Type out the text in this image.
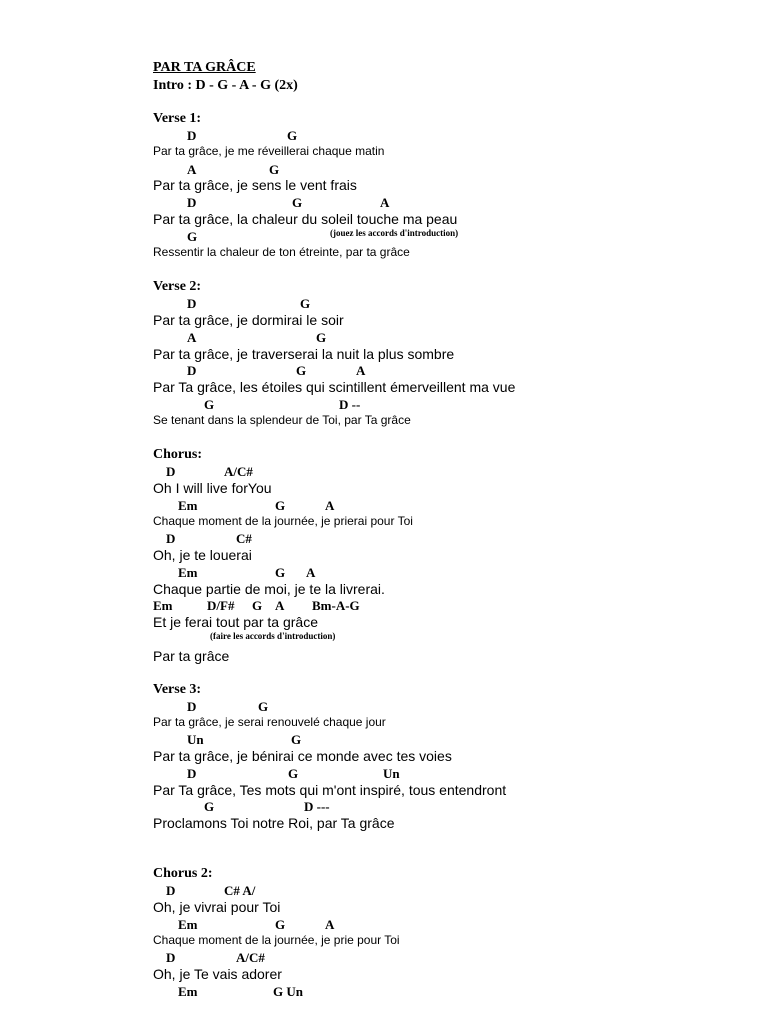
PAR TA GRÂCE
Intro : D - G - A - G (2x)
Verse 1:
D	G
Par ta grâce, je me réveillerai chaque matin
A	G
Par ta grâce, je sens le vent frais
D	G	A
Par ta grâce, la chaleur du soleil touche ma peau
G	(jouez les accords d'introduction)
Ressentir la chaleur de ton étreinte, par ta grâce
Verse 2:
D	G
Par ta grâce, je dormirai le soir
A	G
Par ta grâce, je traverserai la nuit la plus sombre
D	G	A
Par Ta grâce, les étoiles qui scintillent émerveillent ma vue
G	D --
Se tenant dans la splendeur de Toi, par Ta grâce
Chorus:
D	A/C#
Oh I will live forYou
Em	G	A
Chaque moment de la journée, je prierai pour Toi
D	C#
Oh, je te louerai
Em	G A
Chaque partie de moi, je te la livrerai.
Em	D/F# G A Bm-A-G
Et je ferai tout par ta grâce
(faire les accords d'introduction)
Par ta grâce
Verse 3:
D	G
Par ta grâce, je serai renouvelé chaque jour
Un	G
Par ta grâce, je bénirai ce monde avec tes voies
D	G	Un
Par Ta grâce, Tes mots qui m'ont inspiré, tous entendront
G	D ---
Proclamons Toi notre Roi, par Ta grâce
Chorus 2:
D	C# A/
Oh, je vivrai pour Toi
Em	G	A
Chaque moment de la journée, je prie pour Toi
D	A/C#
Oh, je Te vais adorer
Em	G Un
